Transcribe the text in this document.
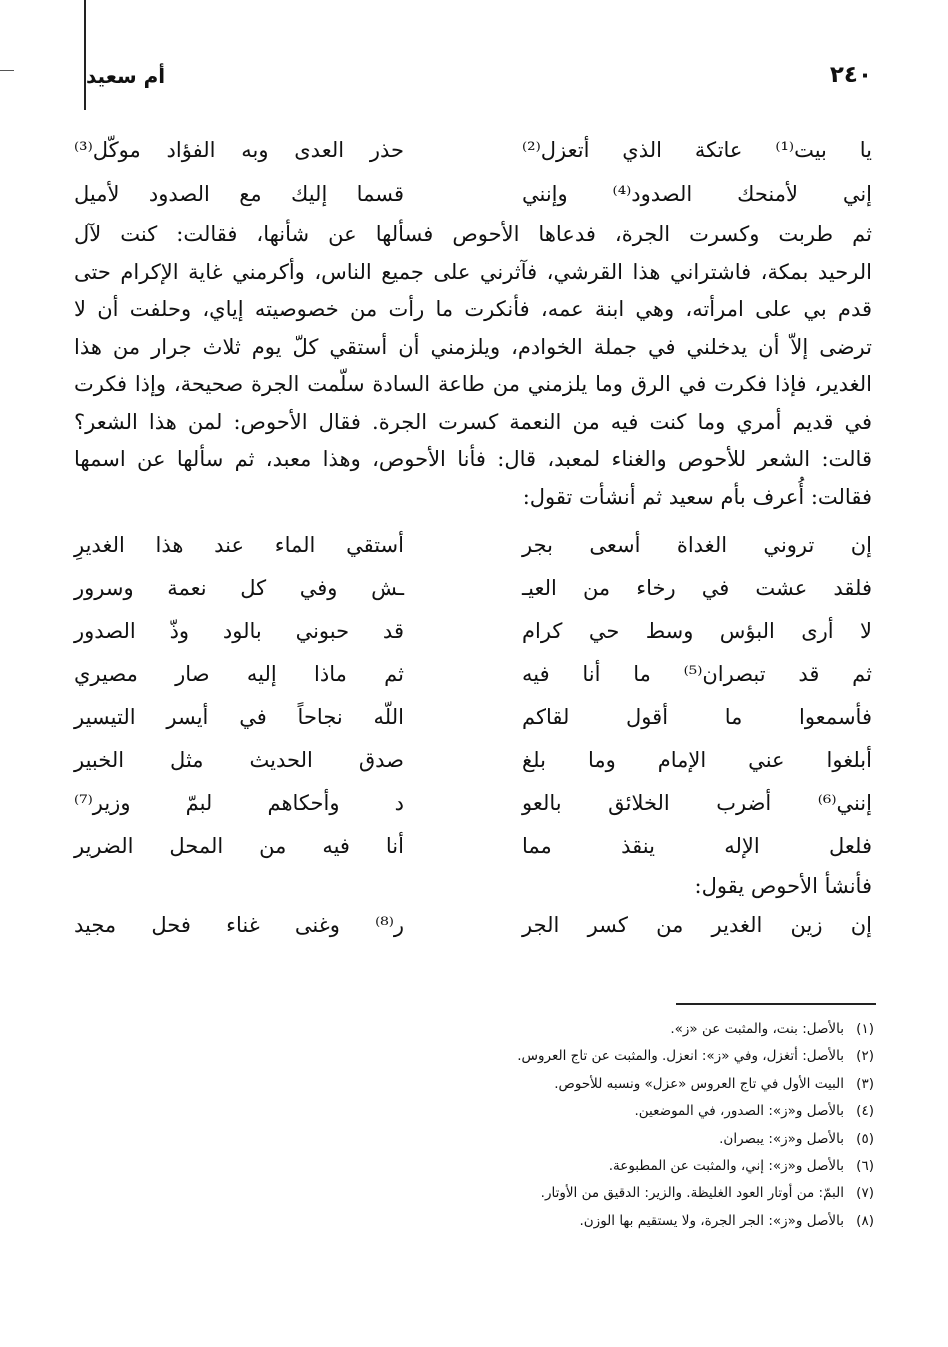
٢٤٠
أم سعيد
يا بيت⁽¹⁾ عاتكة الذي أتعزل⁽²⁾
حذر العدى وبه الفؤاد موكّل⁽³⁾
إني لأمنحك الصدود⁽⁴⁾ وإنني
قسما إليك مع الصدود لأميل

ثم طربت وكسرت الجرة، فدعاها الأحوص فسألها عن شأنها، فقالت: كنت لآل

الرحيد بمكة، فاشتراني هذا القرشي، فآثرني على جميع الناس، وأكرمني غاية الإكرام حتى

قدم بي على امرأته، وهي ابنة عمه، فأنكرت ما رأت من خصوصيته إياي، وحلفت أن لا

ترضى إلاّ أن يدخلني في جملة الخوادم، ويلزمني أن أستقي كلّ يوم ثلاث جرار من هذا

الغدير، فإذا فكرت في الرق وما يلزمني من طاعة السادة سلّمت الجرة صحيحة، وإذا فكرت

في قديم أمري وما كنت فيه من النعمة كسرت الجرة. فقال الأحوص: لمن هذا الشعر؟

قالت: الشعر للأحوص والغناء لمعبد، قال: فأنا الأحوص، وهذا معبد، ثم سألها عن اسمها

فقالت: أُعرف بأم سعيد ثم أنشأت تقول:

إن تروني الغداة أسعى بجر
أستقي الماء عند هذا الغديرِ
فلقد عشت في رخاء من العيـ
ـش وفي كل نعمة وسرور
لا أرى البؤس وسط حي كرام
قد حبوني بالود وذّ الصدور
ثم قد تبصران⁽⁵⁾ ما أنا فيه
ثم ماذا إليه صار مصيري
فأسمعوا ما أقول لقاكم
اللّه نجاحاً في أيسر التيسير
أبلغوا عني الإمام وما بلغ
صدق الحديث مثل الخبير
إنني⁽⁶⁾ أضرب الخلائق بالعو
د وأحكاهم لبمّ وزير⁽⁷⁾
فلعل الإله ينقذ مما
أنا فيه من المحل الضرير

فأنشأ الأحوص يقول:

إن زين الغدير من كسر الجر
ر⁽⁸⁾ وغنى غناء فحل مجيد
(١)بالأصل: بنت، والمثبت عن «ز».
(٢)بالأصل: أتغزل، وفي «ز»: انعزل. والمثبت عن تاج العروس.
(٣)البيت الأول في تاج العروس «عزل» ونسبه للأحوص.
(٤)بالأصل و«ز»: الصدور، في الموضعين.
(٥)بالأصل و«ز»: يبصران.
(٦)بالأصل و«ز»: إني، والمثبت عن المطبوعة.
(٧)البمّ: من أوتار العود الغليظة. والزير: الدقيق من الأوتار.
(٨)بالأصل و«ز»: الجر الجرة، ولا يستقيم بها الوزن.
